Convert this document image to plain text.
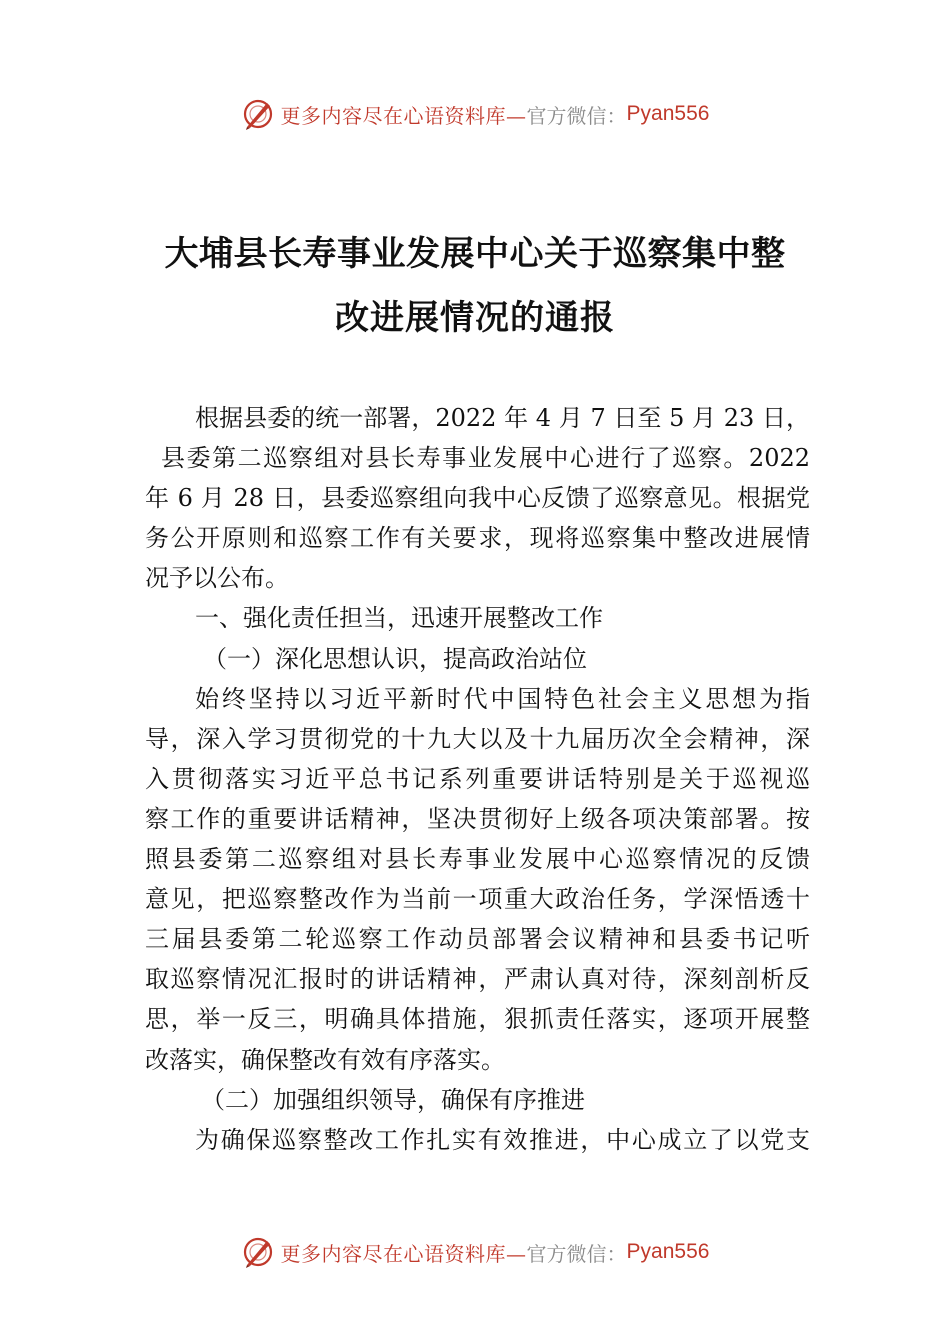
更多内容尽在心语资料库— 官方微信： Pyan556
大埔县长寿事业发展中心关于巡察集中整
改进展情况的通报
根据县委的统一部署，2022 年 4 月 7 日至 5 月 23 日，
县委第二巡察组对县长寿事业发展中心进行了巡察。2022
年 6 月 28 日，县委巡察组向我中心反馈了巡察意见。根据党
务公开原则和巡察工作有关要求，现将巡察集中整改进展情
况予以公布。
一、强化责任担当，迅速开展整改工作
（一）深化思想认识，提高政治站位
始终坚持以习近平新时代中国特色社会主义思想为指
导，深入学习贯彻党的十九大以及十九届历次全会精神，深
入贯彻落实习近平总书记系列重要讲话特别是关于巡视巡
察工作的重要讲话精神，坚决贯彻好上级各项决策部署。按
照县委第二巡察组对县长寿事业发展中心巡察情况的反馈
意见，把巡察整改作为当前一项重大政治任务，学深悟透十
三届县委第二轮巡察工作动员部署会议精神和县委书记听
取巡察情况汇报时的讲话精神，严肃认真对待，深刻剖析反
思，举一反三，明确具体措施，狠抓责任落实，逐项开展整
改落实，确保整改有效有序落实。
（二）加强组织领导，确保有序推进
为确保巡察整改工作扎实有效推进，中心成立了以党支
更多内容尽在心语资料库— 官方微信： Pyan556
